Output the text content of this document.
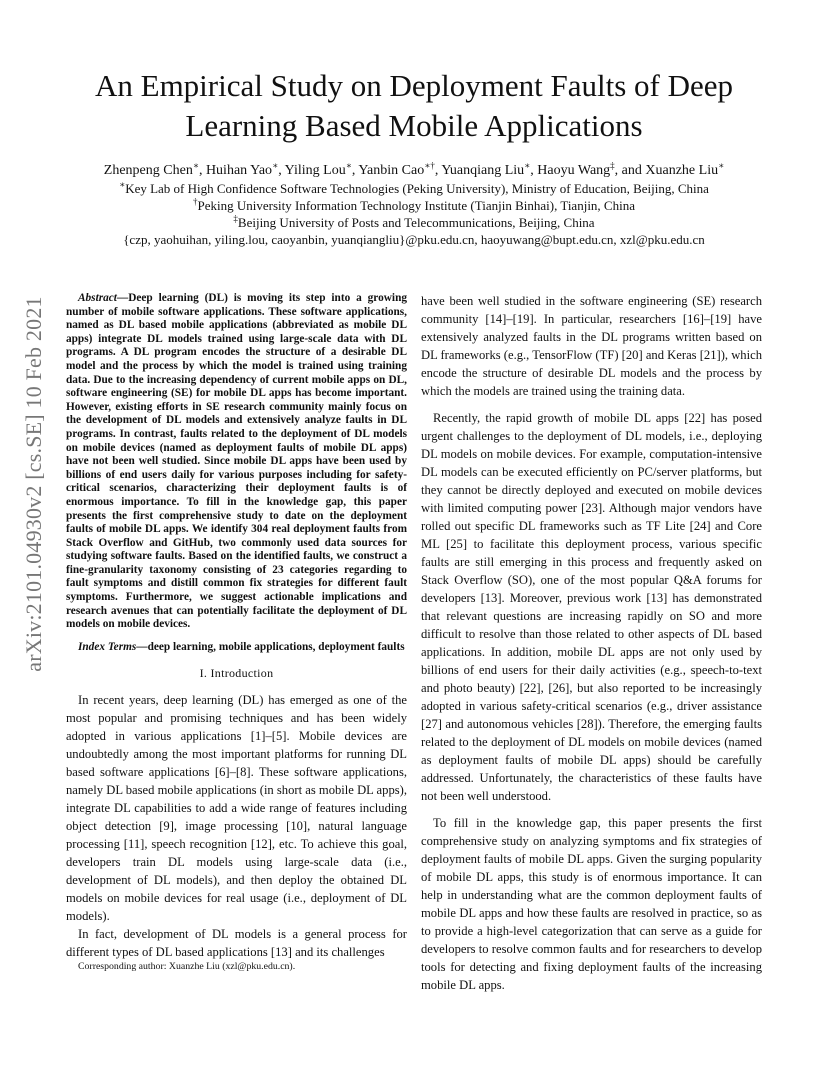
arXiv:2101.04930v2 [cs.SE] 10 Feb 2021
An Empirical Study on Deployment Faults of Deep
Learning Based Mobile Applications

Zhenpeng Chen∗, Huihan Yao∗, Yiling Lou∗, Yanbin Cao∗†, Yuanqiang Liu∗, Haoyu Wang‡, and Xuanzhe Liu∗

∗Key Lab of High Confidence Software Technologies (Peking University), Ministry of Education, Beijing, China

†Peking University Information Technology Institute (Tianjin Binhai), Tianjin, China

‡Beijing University of Posts and Telecommunications, Beijing, China

{czp, yaohuihan, yiling.lou, caoyanbin, yuanqiangliu}@pku.edu.cn, haoyuwang@bupt.edu.cn, xzl@pku.edu.cn

Abstract—Deep learning (DL) is moving its step into a growing number of mobile software applications. These software applications, named as DL based mobile applications (abbreviated as mobile DL apps) integrate DL models trained using large-scale data with DL programs. A DL program encodes the structure of a desirable DL model and the process by which the model is trained using training data. Due to the increasing dependency of current mobile apps on DL, software engineering (SE) for mobile DL apps has become important. However, existing efforts in SE research community mainly focus on the development of DL models and extensively analyze faults in DL programs. In contrast, faults related to the deployment of DL models on mobile devices (named as deployment faults of mobile DL apps) have not been well studied. Since mobile DL apps have been used by billions of end users daily for various purposes including for safety-critical scenarios, characterizing their deployment faults is of enormous importance. To fill in the knowledge gap, this paper presents the first comprehensive study to date on the deployment faults of mobile DL apps. We identify 304 real deployment faults from Stack Overflow and GitHub, two commonly used data sources for studying software faults. Based on the identified faults, we construct a fine-granularity taxonomy consisting of 23 categories regarding to fault symptoms and distill common fix strategies for different fault symptoms. Furthermore, we suggest actionable implications and research avenues that can potentially facilitate the deployment of DL models on mobile devices.

Index Terms—deep learning, mobile applications, deployment faults

I. Introduction

In recent years, deep learning (DL) has emerged as one of the most popular and promising techniques and has been widely adopted in various applications [1]–[5]. Mobile devices are undoubtedly among the most important platforms for running DL based software applications [6]–[8]. These software applications, namely DL based mobile applications (in short as mobile DL apps), integrate DL capabilities to add a wide range of features including object detection [9], image processing [10], natural language processing [11], speech recognition [12], etc. To achieve this goal, developers train DL models using large-scale data (i.e., development of DL models), and then deploy the obtained DL models on mobile devices for real usage (i.e., deployment of DL models).

In fact, development of DL models is a general process for different types of DL based applications [13] and its challenges

Corresponding author: Xuanzhe Liu (xzl@pku.edu.cn).

have been well studied in the software engineering (SE) research community [14]–[19]. In particular, researchers [16]–[19] have extensively analyzed faults in the DL programs written based on DL frameworks (e.g., TensorFlow (TF) [20] and Keras [21]), which encode the structure of desirable DL models and the process by which the models are trained using the training data.

Recently, the rapid growth of mobile DL apps [22] has posed urgent challenges to the deployment of DL models, i.e., deploying DL models on mobile devices. For example, computation-intensive DL models can be executed efficiently on PC/server platforms, but they cannot be directly deployed and executed on mobile devices with limited computing power [23]. Although major vendors have rolled out specific DL frameworks such as TF Lite [24] and Core ML [25] to facilitate this deployment process, various specific faults are still emerging in this process and frequently asked on Stack Overflow (SO), one of the most popular Q&A forums for developers [13]. Moreover, previous work [13] has demonstrated that relevant questions are increasing rapidly on SO and more difficult to resolve than those related to other aspects of DL based applications. In addition, mobile DL apps are not only used by billions of end users for their daily activities (e.g., speech-to-text and photo beauty) [22], [26], but also reported to be increasingly adopted in various safety-critical scenarios (e.g., driver assistance [27] and autonomous vehicles [28]). Therefore, the emerging faults related to the deployment of DL models on mobile devices (named as deployment faults of mobile DL apps) should be carefully addressed. Unfortunately, the characteristics of these faults have not been well understood.

To fill in the knowledge gap, this paper presents the first comprehensive study on analyzing symptoms and fix strategies of deployment faults of mobile DL apps. Given the surging popularity of mobile DL apps, this study is of enormous importance. It can help in understanding what are the common deployment faults of mobile DL apps and how these faults are resolved in practice, so as to provide a high-level categorization that can serve as a guide for developers to resolve common faults and for researchers to develop tools for detecting and fixing deployment faults of the increasing mobile DL apps.
